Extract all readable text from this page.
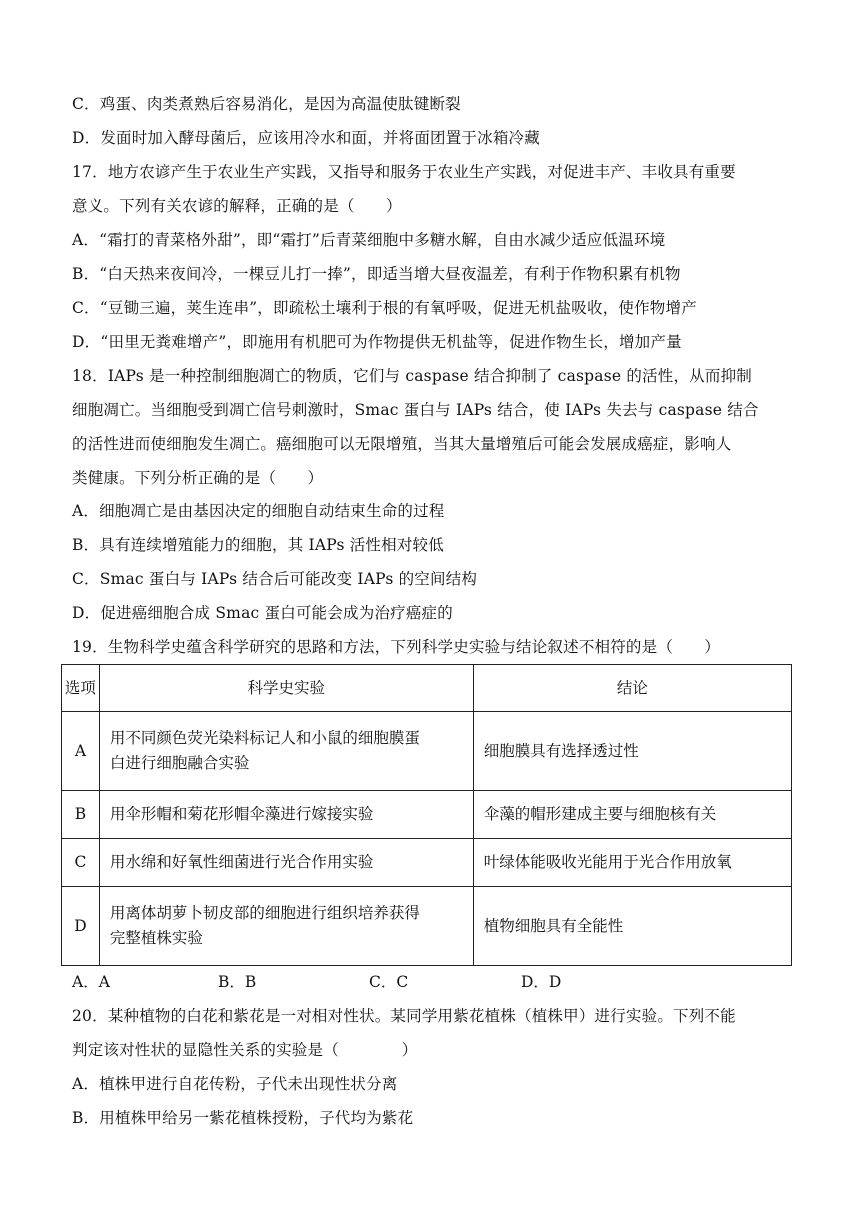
C．鸡蛋、肉类煮熟后容易消化，是因为高温使肽键断裂
D．发面时加入酵母菌后，应该用冷水和面，并将面团置于冰箱冷藏
17．地方农谚产生于农业生产实践，又指导和服务于农业生产实践，对促进丰产、丰收具有重要
意义。下列有关农谚的解释，正确的是（　　）
A．“霜打的青菜格外甜”，即“霜打”后青菜细胞中多糖水解，自由水减少适应低温环境
B．“白天热来夜间冷，一棵豆儿打一捧”，即适当增大昼夜温差，有利于作物积累有机物
C．“豆锄三遍，荚生连串”，即疏松土壤利于根的有氧呼吸，促进无机盐吸收，使作物增产
D．“田里无粪难增产”，即施用有机肥可为作物提供无机盐等，促进作物生长，增加产量
18．IAPs 是一种控制细胞凋亡的物质，它们与 caspase 结合抑制了 caspase 的活性，从而抑制
细胞凋亡。当细胞受到凋亡信号刺激时，Smac 蛋白与 IAPs 结合，使 IAPs 失去与 caspase 结合
的活性进而使细胞发生凋亡。癌细胞可以无限增殖，当其大量增殖后可能会发展成癌症，影响人
类健康。下列分析正确的是（　　）
A．细胞凋亡是由基因决定的细胞自动结束生命的过程
B．具有连续增殖能力的细胞，其 IAPs 活性相对较低
C．Smac 蛋白与 IAPs 结合后可能改变 IAPs 的空间结构
D．促进癌细胞合成 Smac 蛋白可能会成为治疗癌症的
19．生物科学史蕴含科学研究的思路和方法，下列科学史实验与结论叙述不相符的是（　　）
选项	科学史实验	结论
A	用不同颜色荧光染料标记人和小鼠的细胞膜蛋
白进行细胞融合实验	细胞膜具有选择透过性
B	用伞形帽和菊花形帽伞藻进行嫁接实验	伞藻的帽形建成主要与细胞核有关
C	用水绵和好氧性细菌进行光合作用实验	叶绿体能吸收光能用于光合作用放氧
D	用离体胡萝卜韧皮部的细胞进行组织培养获得
完整植株实验	植物细胞具有全能性
A．A	B．B	C．C	D．D
20．某种植物的白花和紫花是一对相对性状。某同学用紫花植株（植株甲）进行实验。下列不能
判定该对性状的显隐性关系的实验是（　　　　）
A．植株甲进行自花传粉，子代未出现性状分离
B．用植株甲给另一紫花植株授粉，子代均为紫花
